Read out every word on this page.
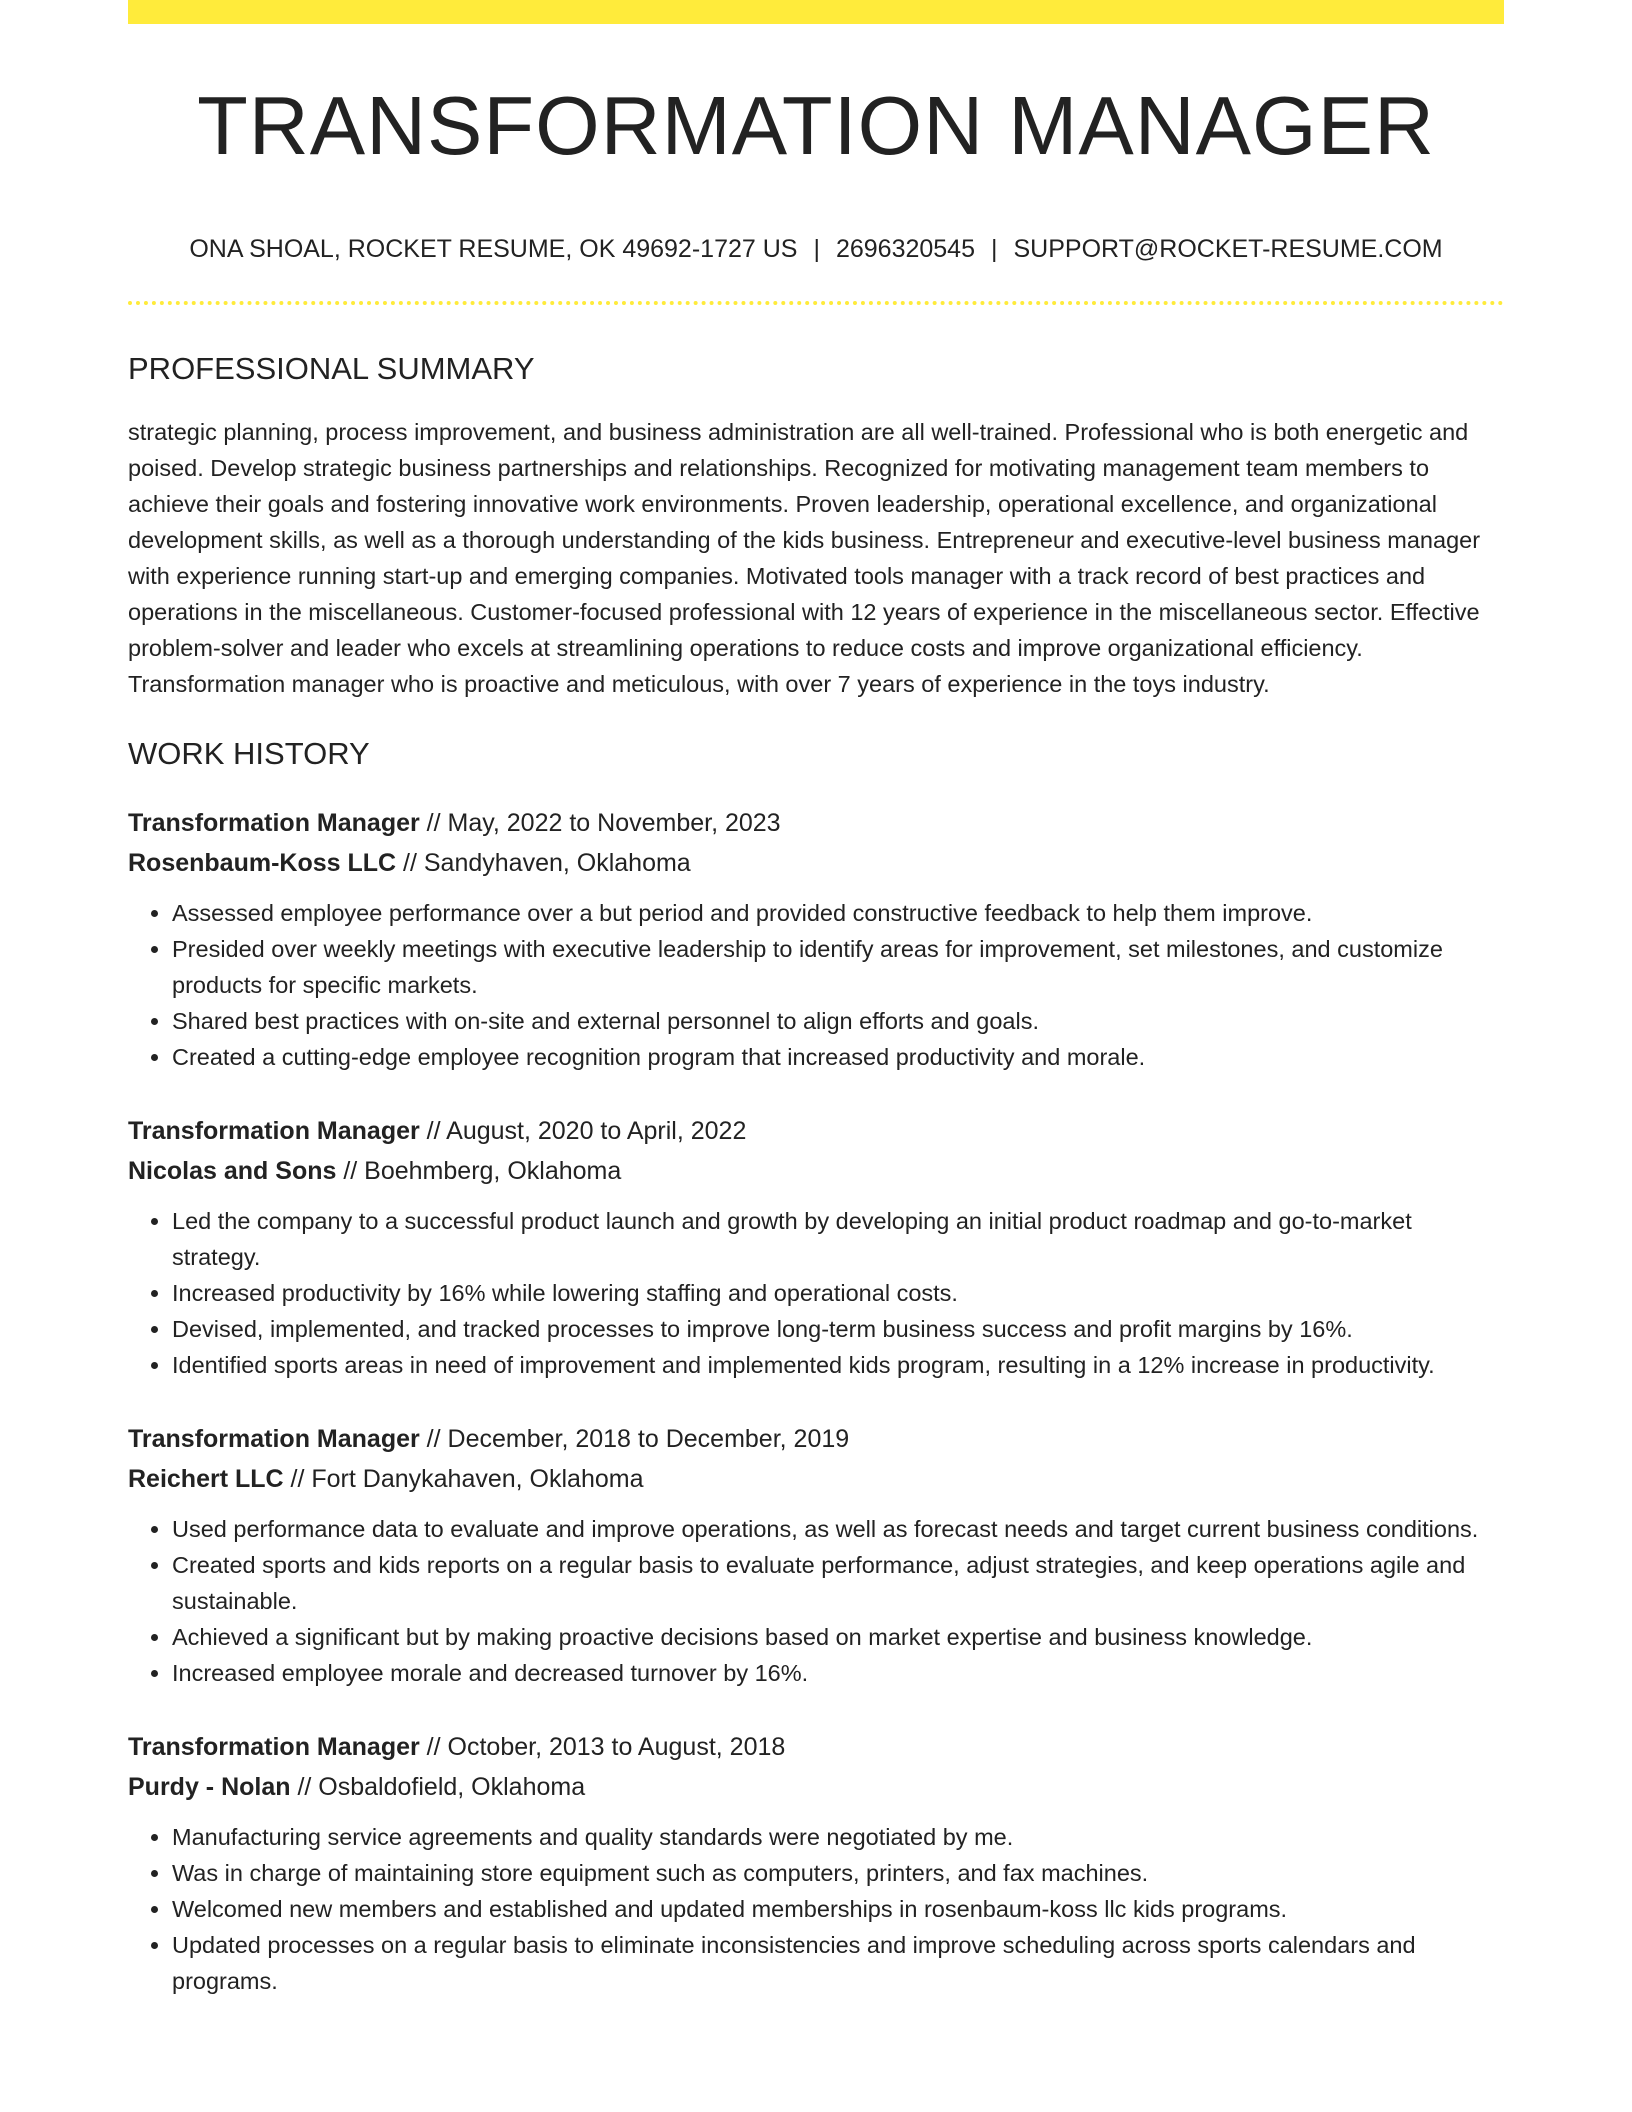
TRANSFORMATION MANAGER
ONA SHOAL, ROCKET RESUME, OK 49692-1727 US | 2696320545 | SUPPORT@ROCKET-RESUME.COM
PROFESSIONAL SUMMARY
strategic planning, process improvement, and business administration are all well-trained. Professional who is both energetic and poised. Develop strategic business partnerships and relationships. Recognized for motivating management team members to achieve their goals and fostering innovative work environments. Proven leadership, operational excellence, and organizational development skills, as well as a thorough understanding of the kids business. Entrepreneur and executive-level business manager with experience running start-up and emerging companies. Motivated tools manager with a track record of best practices and operations in the miscellaneous. Customer-focused professional with 12 years of experience in the miscellaneous sector. Effective problem-solver and leader who excels at streamlining operations to reduce costs and improve organizational efficiency. Transformation manager who is proactive and meticulous, with over 7 years of experience in the toys industry.
WORK HISTORY
Transformation Manager // May, 2022 to November, 2023
Rosenbaum-Koss LLC // Sandyhaven, Oklahoma
• Assessed employee performance over a but period and provided constructive feedback to help them improve.
• Presided over weekly meetings with executive leadership to identify areas for improvement, set milestones, and customize products for specific markets.
• Shared best practices with on-site and external personnel to align efforts and goals.
• Created a cutting-edge employee recognition program that increased productivity and morale.
Transformation Manager // August, 2020 to April, 2022
Nicolas and Sons // Boehmberg, Oklahoma
• Led the company to a successful product launch and growth by developing an initial product roadmap and go-to-market strategy.
• Increased productivity by 16% while lowering staffing and operational costs.
• Devised, implemented, and tracked processes to improve long-term business success and profit margins by 16%.
• Identified sports areas in need of improvement and implemented kids program, resulting in a 12% increase in productivity.
Transformation Manager // December, 2018 to December, 2019
Reichert LLC // Fort Danykahaven, Oklahoma
• Used performance data to evaluate and improve operations, as well as forecast needs and target current business conditions.
• Created sports and kids reports on a regular basis to evaluate performance, adjust strategies, and keep operations agile and sustainable.
• Achieved a significant but by making proactive decisions based on market expertise and business knowledge.
• Increased employee morale and decreased turnover by 16%.
Transformation Manager // October, 2013 to August, 2018
Purdy - Nolan // Osbaldofield, Oklahoma
• Manufacturing service agreements and quality standards were negotiated by me.
• Was in charge of maintaining store equipment such as computers, printers, and fax machines.
• Welcomed new members and established and updated memberships in rosenbaum-koss llc kids programs.
• Updated processes on a regular basis to eliminate inconsistencies and improve scheduling across sports calendars and programs.
